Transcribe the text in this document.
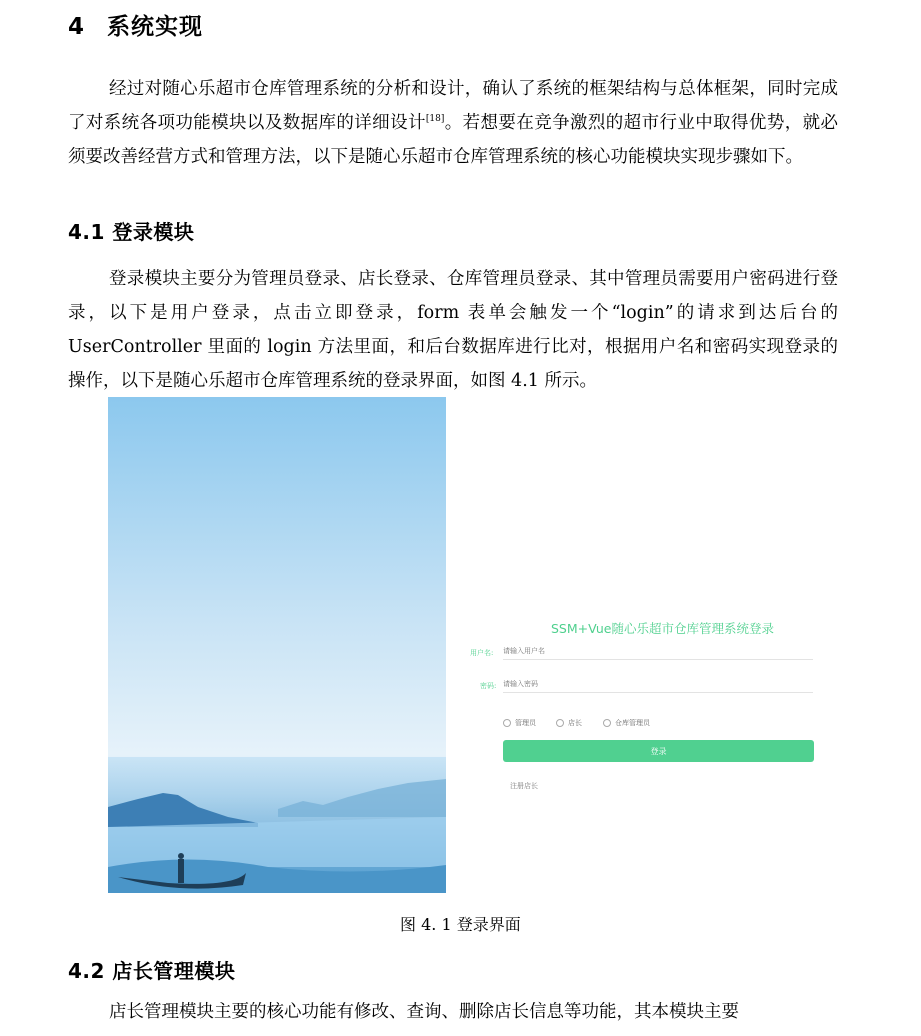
4 系统实现

经过对随心乐超市仓库管理系统的分析和设计，确认了系统的框架结构与总体框架，同时完成了对系统各项功能模块以及数据库的详细设计[18]。若想要在竞争激烈的超市行业中取得优势，就必须要改善经营方式和管理方法，以下是随心乐超市仓库管理系统的核心功能模块实现步骤如下。

4.1 登录模块

登录模块主要分为管理员登录、店长登录、仓库管理员登录、其中管理员需要用户密码进行登录，以下是用户登录，点击立即登录，form 表单会触发一个“login”的请求到达后台的 UserController 里面的 login 方法里面，和后台数据库进行比对，根据用户名和密码实现登录的操作，以下是随心乐超市仓库管理系统的登录界面，如图 4.1 所示。

SSM+Vue随心乐超市仓库管理系统登录
用户名:
请输入用户名
密码:
请输入密码
管理员	店长	仓库管理员
登录
注册店长
图 4. 1 登录界面
4.2 店长管理模块

店长管理模块主要的核心功能有修改、查询、删除店长信息等功能，其本模块主要
